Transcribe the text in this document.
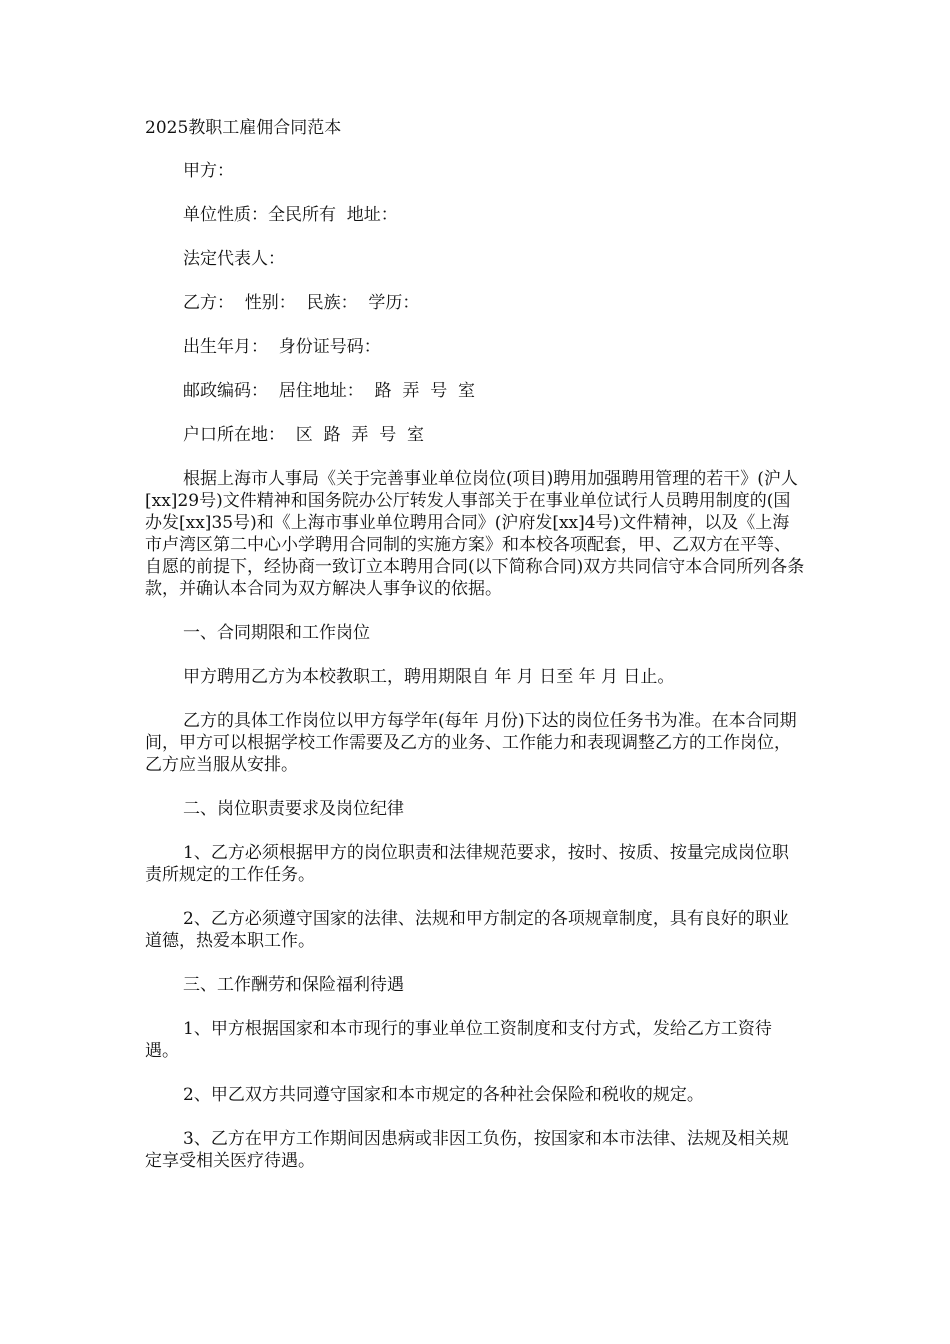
2025教职工雇佣合同范本
甲方：
单位性质：全民所有  地址：
法定代表人：
乙方：  性别：  民族：  学历：
出生年月：  身份证号码：
邮政编码：  居住地址：  路  弄  号  室
户口所在地：  区  路  弄  号  室
根据上海市人事局《关于完善事业单位岗位(项目)聘用加强聘用管理的若干》(沪人[xx]29号)文件精神和国务院办公厅转发人事部关于在事业单位试行人员聘用制度的(国办发[xx]35号)和《上海市事业单位聘用合同》(沪府发[xx]4号)文件精神，以及《上海市卢湾区第二中心小学聘用合同制的实施方案》和本校各项配套，甲、乙双方在平等、自愿的前提下，经协商一致订立本聘用合同(以下简称合同)双方共同信守本合同所列各条款，并确认本合同为双方解决人事争议的依据。
一、合同期限和工作岗位
甲方聘用乙方为本校教职工，聘用期限自 年 月 日至 年 月 日止。
乙方的具体工作岗位以甲方每学年(每年 月份)下达的岗位任务书为准。在本合同期间，甲方可以根据学校工作需要及乙方的业务、工作能力和表现调整乙方的工作岗位，乙方应当服从安排。
二、岗位职责要求及岗位纪律
1、乙方必须根据甲方的岗位职责和法律规范要求，按时、按质、按量完成岗位职责所规定的工作任务。
2、乙方必须遵守国家的法律、法规和甲方制定的各项规章制度，具有良好的职业道德，热爱本职工作。
三、工作酬劳和保险福利待遇
1、甲方根据国家和本市现行的事业单位工资制度和支付方式，发给乙方工资待遇。
2、甲乙双方共同遵守国家和本市规定的各种社会保险和税收的规定。
3、乙方在甲方工作期间因患病或非因工负伤，按国家和本市法律、法规及相关规定享受相关医疗待遇。
